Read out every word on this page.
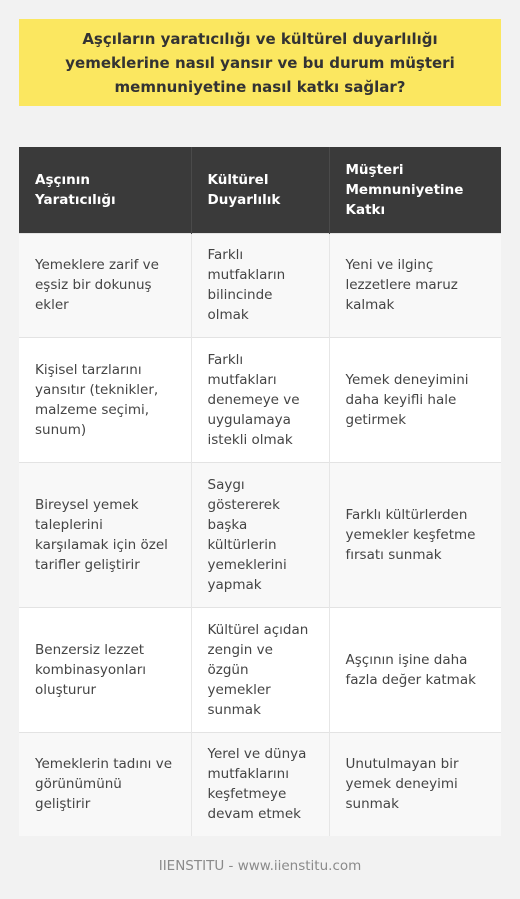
Aşçıların yaratıcılığı ve kültürel duyarlılığı yemeklerine nasıl yansır ve bu durum müşteri memnuniyetine nasıl katkı sağlar?
Aşçının Yaratıcılığı	Kültürel Duyarlılık	Müşteri Memnuniyetine Katkı
Yemeklere zarif ve eşsiz bir dokunuş ekler	Farklı mutfakların bilincinde olmak	Yeni ve ilginç lezzetlere maruz kalmak
Kişisel tarzlarını yansıtır (teknikler, malzeme seçimi, sunum)	Farklı mutfakları denemeye ve uygulamaya istekli olmak	Yemek deneyimini daha keyifli hale getirmek
Bireysel yemek taleplerini karşılamak için özel tarifler geliştirir	Saygı göstererek başka kültürlerin yemeklerini yapmak	Farklı kültürlerden yemekler keşfetme fırsatı sunmak
Benzersiz lezzet kombinasyonları oluşturur	Kültürel açıdan zengin ve özgün yemekler sunmak	Aşçının işine daha fazla değer katmak
Yemeklerin tadını ve görünümünü geliştirir	Yerel ve dünya mutfaklarını keşfetmeye devam etmek	Unutulmayan bir yemek deneyimi sunmak
IIENSTITU - www.iienstitu.com
